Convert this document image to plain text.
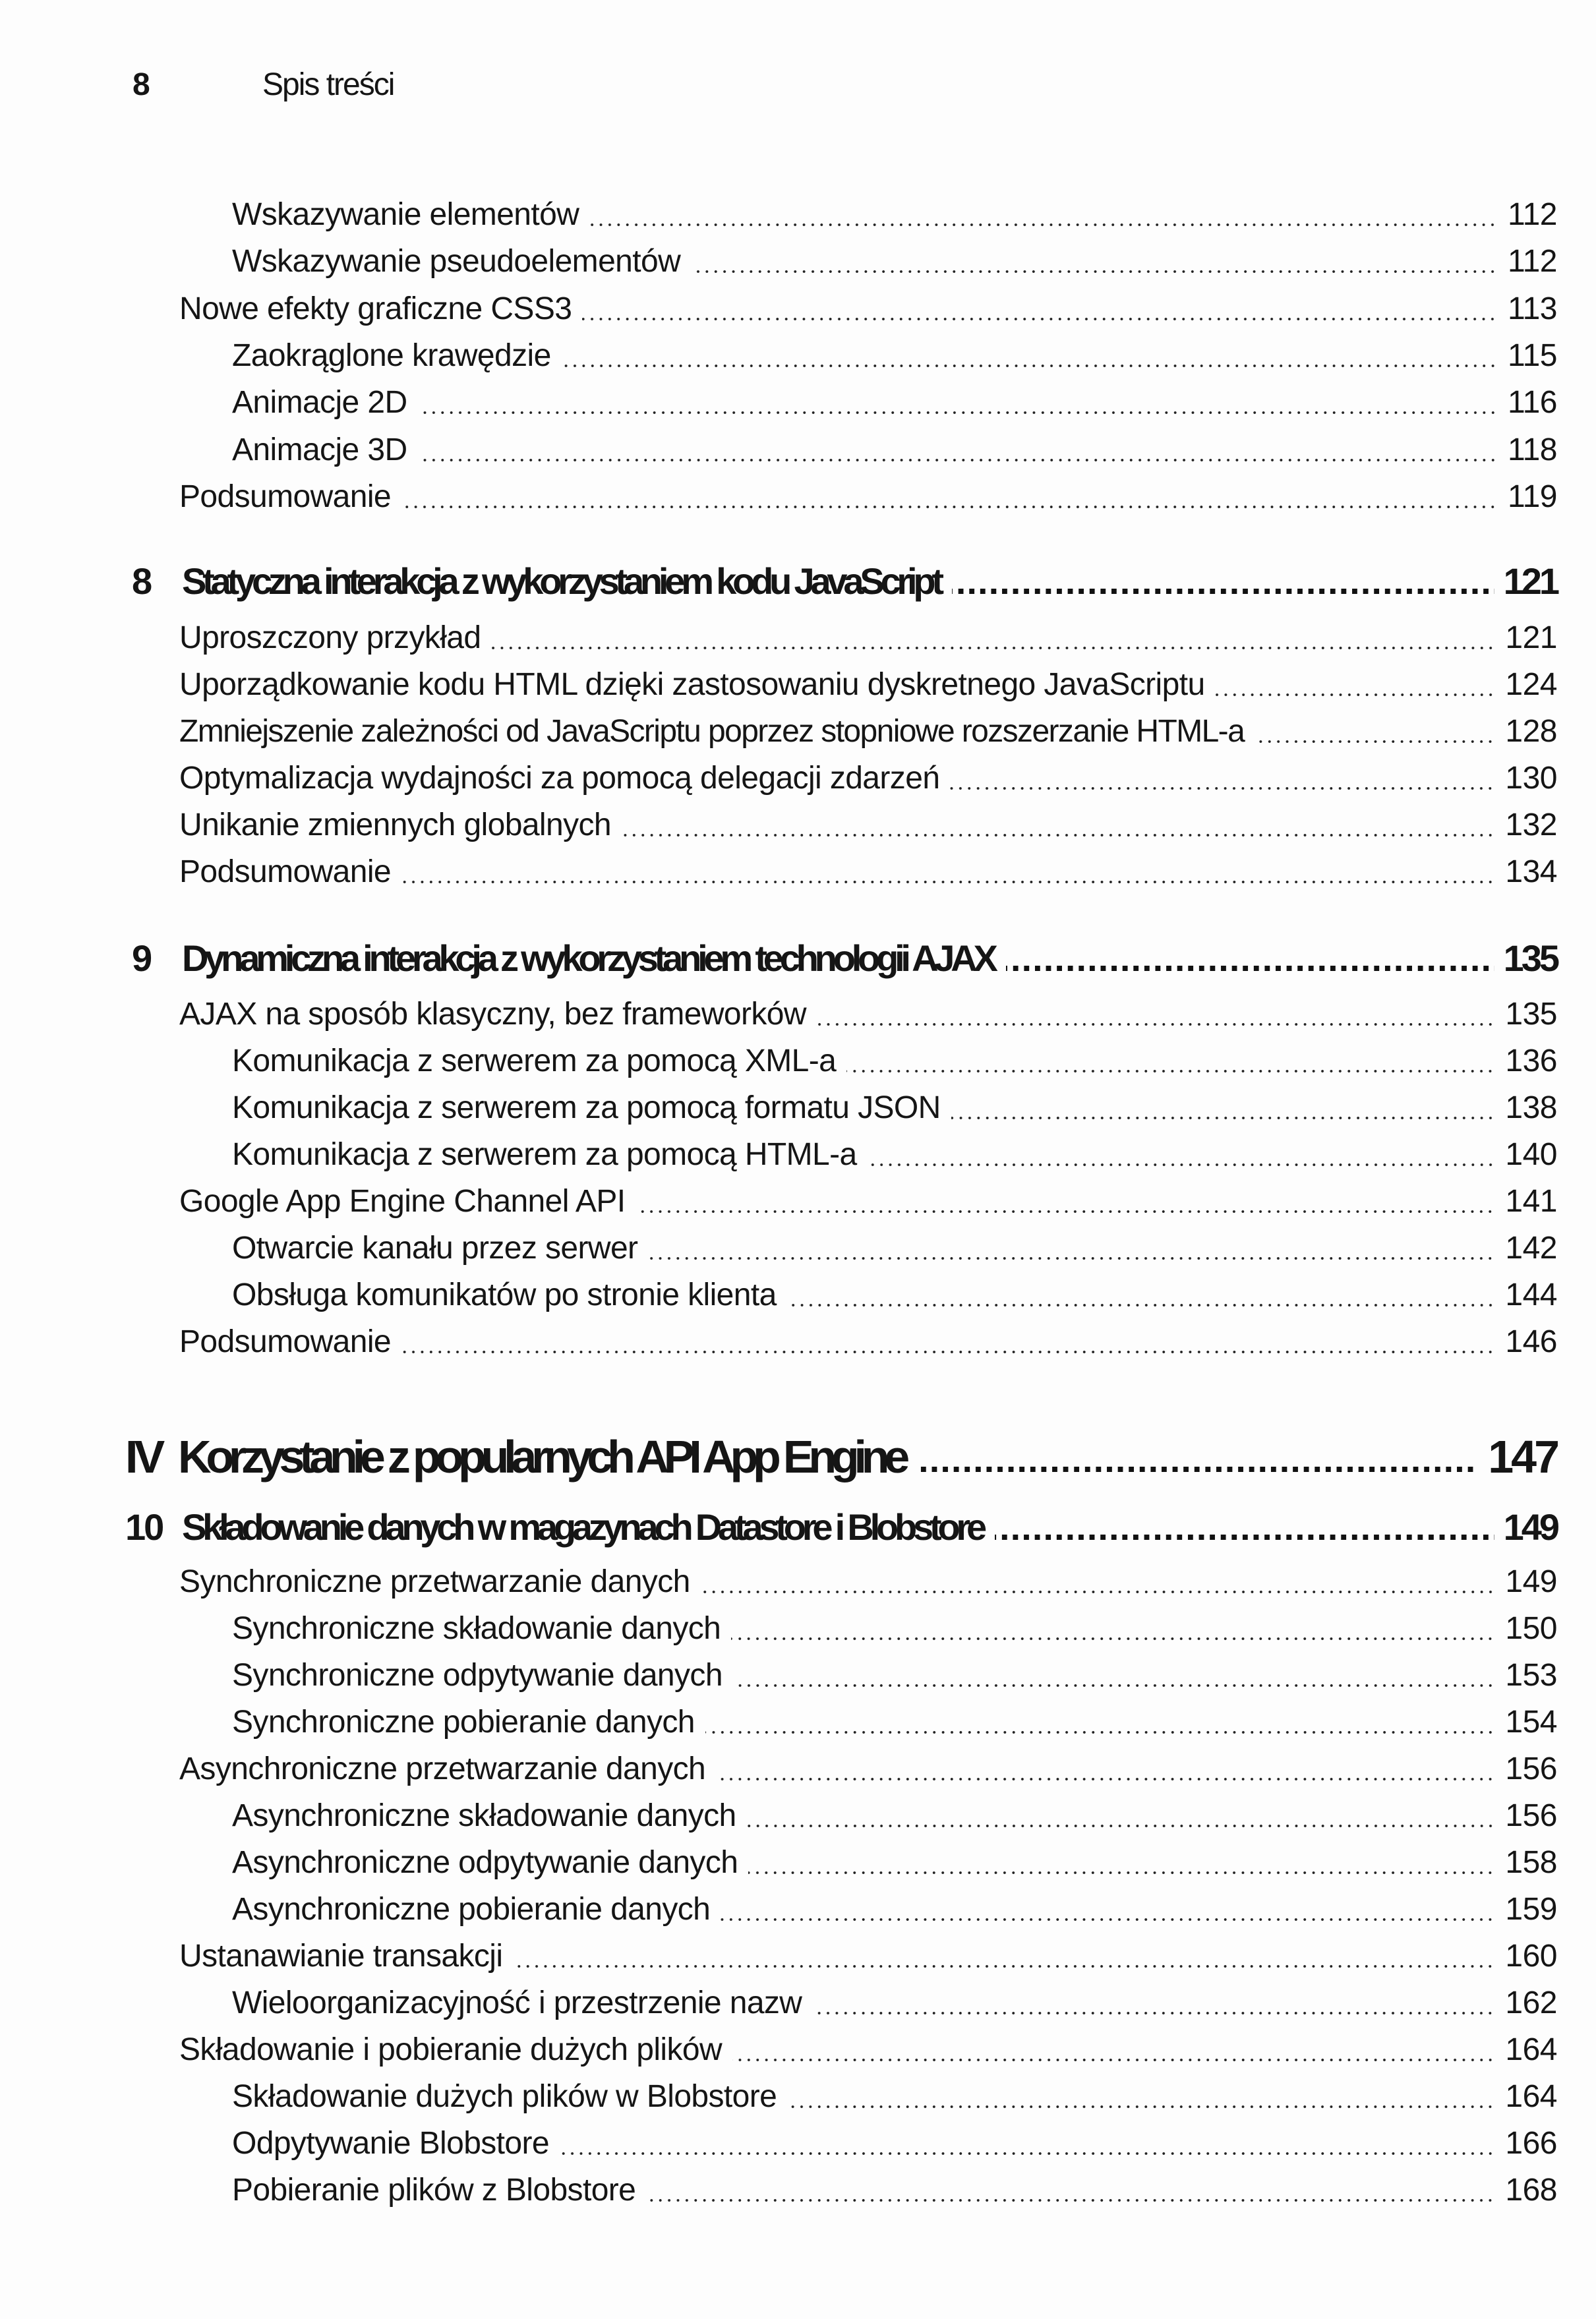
8	Spis treści
Wskazywanie elementów	112
Wskazywanie pseudoelementów	112
Nowe efekty graficzne CSS3	113
Zaokrąglone krawędzie	115
Animacje 2D	116
Animacje 3D	118
Podsumowanie	119
8 Statyczna interakcja z wykorzystaniem kodu JavaScript	121
Uproszczony przykład	121
Uporządkowanie kodu HTML dzięki zastosowaniu dyskretnego JavaScriptu	124
Zmniejszenie zależności od JavaScriptu poprzez stopniowe rozszerzanie HTML-a	128
Optymalizacja wydajności za pomocą delegacji zdarzeń	130
Unikanie zmiennych globalnych	132
Podsumowanie	134
9 Dynamiczna interakcja z wykorzystaniem technologii AJAX	135
AJAX na sposób klasyczny, bez frameworków	135
Komunikacja z serwerem za pomocą XML-a	136
Komunikacja z serwerem za pomocą formatu JSON	138
Komunikacja z serwerem za pomocą HTML-a	140
Google App Engine Channel API	141
Otwarcie kanału przez serwer	142
Obsługa komunikatów po stronie klienta	144
Podsumowanie	146
IV Korzystanie z popularnych API App Engine	147
10 Składowanie danych w magazynach Datastore i Blobstore	149
Synchroniczne przetwarzanie danych	149
Synchroniczne składowanie danych	150
Synchroniczne odpytywanie danych	153
Synchroniczne pobieranie danych	154
Asynchroniczne przetwarzanie danych	156
Asynchroniczne składowanie danych	156
Asynchroniczne odpytywanie danych	158
Asynchroniczne pobieranie danych	159
Ustanawianie transakcji	160
Wieloorganizacyjność i przestrzenie nazw	162
Składowanie i pobieranie dużych plików	164
Składowanie dużych plików w Blobstore	164
Odpytywanie Blobstore	166
Pobieranie plików z Blobstore	168
